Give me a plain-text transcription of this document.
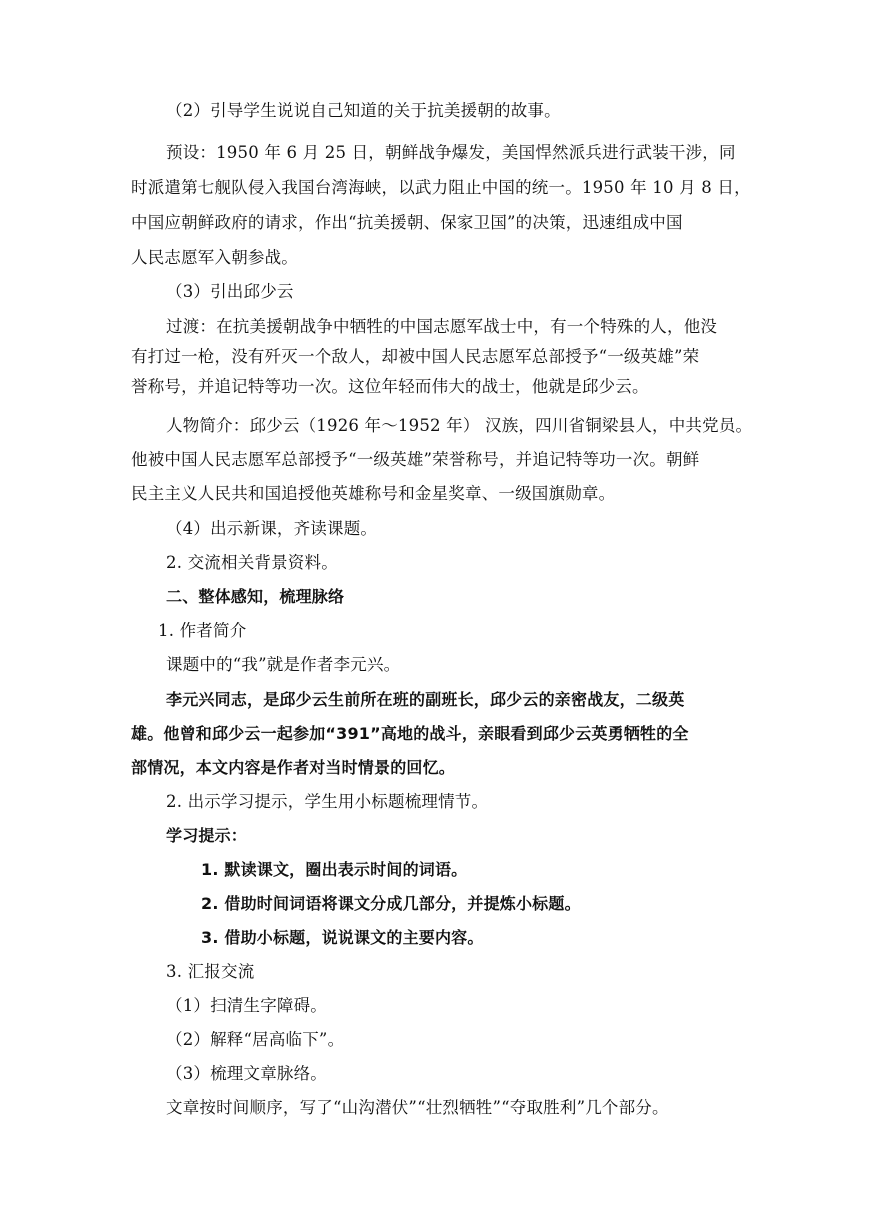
（2）引导学生说说自己知道的关于抗美援朝的故事。
预设：1950 年 6 月 25 日，朝鲜战争爆发，美国悍然派兵进行武装干涉，同
时派遣第七舰队侵入我国台湾海峡，以武力阻止中国的统一。1950 年 10 月 8 日，
中国应朝鲜政府的请求，作出“抗美援朝、保家卫国”的决策，迅速组成中国
人民志愿军入朝参战。
（3）引出邱少云
过渡：在抗美援朝战争中牺牲的中国志愿军战士中，有一个特殊的人，他没
有打过一枪，没有歼灭一个敌人，却被中国人民志愿军总部授予“一级英雄”荣
誉称号，并追记特等功一次。这位年轻而伟大的战士，他就是邱少云。
人物简介：邱少云（1926 年～1952 年） 汉族，四川省铜梁县人，中共党员。
他被中国人民志愿军总部授予“一级英雄”荣誉称号，并追记特等功一次。朝鲜
民主主义人民共和国追授他英雄称号和金星奖章、一级国旗勋章。
（4）出示新课，齐读课题。
2. 交流相关背景资料。
二、整体感知，梳理脉络
1. 作者简介
课题中的“我”就是作者李元兴。
李元兴同志，是邱少云生前所在班的副班长，邱少云的亲密战友，二级英
雄。他曾和邱少云一起参加“391”高地的战斗，亲眼看到邱少云英勇牺牲的全
部情况，本文内容是作者对当时情景的回忆。
2. 出示学习提示，学生用小标题梳理情节。
学习提示：
1. 默读课文，圈出表示时间的词语。
2. 借助时间词语将课文分成几部分，并提炼小标题。
3. 借助小标题，说说课文的主要内容。
3. 汇报交流
（1）扫清生字障碍。
（2）解释“居高临下”。
（3）梳理文章脉络。
文章按时间顺序，写了“山沟潜伏”“壮烈牺牲”“夺取胜利”几个部分。
